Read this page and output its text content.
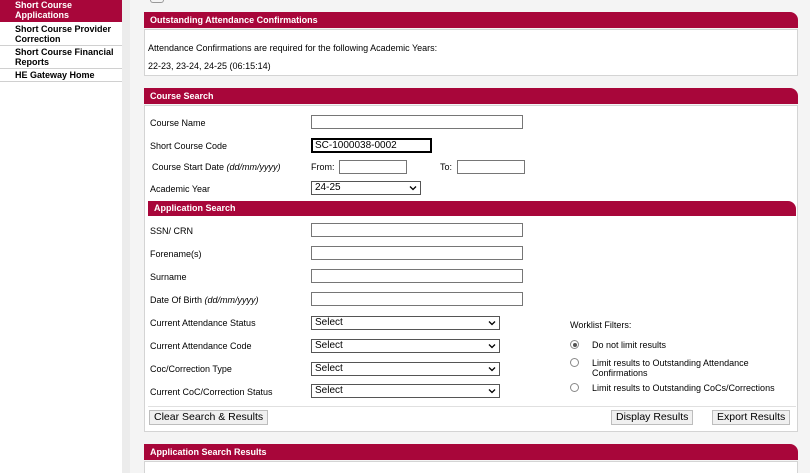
Short Course Applications
Short Course Provider Correction
Short Course Financial Reports
HE Gateway Home
Outstanding Attendance Confirmations
Attendance Confirmations are required for the following Academic Years:
22-23, 23-24, 24-25 (06:15:14)
Course Search
Course Name
Short Course Code
SC-1000038-0002
Course Start Date (dd/mm/yyyy)	From:	To:
Academic Year	24-25
Application Search
SSN/ CRN
Forename(s)
Surname
Date Of Birth (dd/mm/yyyy)
Current Attendance Status	Select
Current Attendance Code	Select
Coc/Correction Type	Select
Current CoC/Correction Status	Select
Worklist Filters:
Do not limit results
Limit results to Outstanding Attendance Confirmations
Limit results to Outstanding CoCs/Corrections
Clear Search & Results	Display Results	Export Results
Application Search Results
